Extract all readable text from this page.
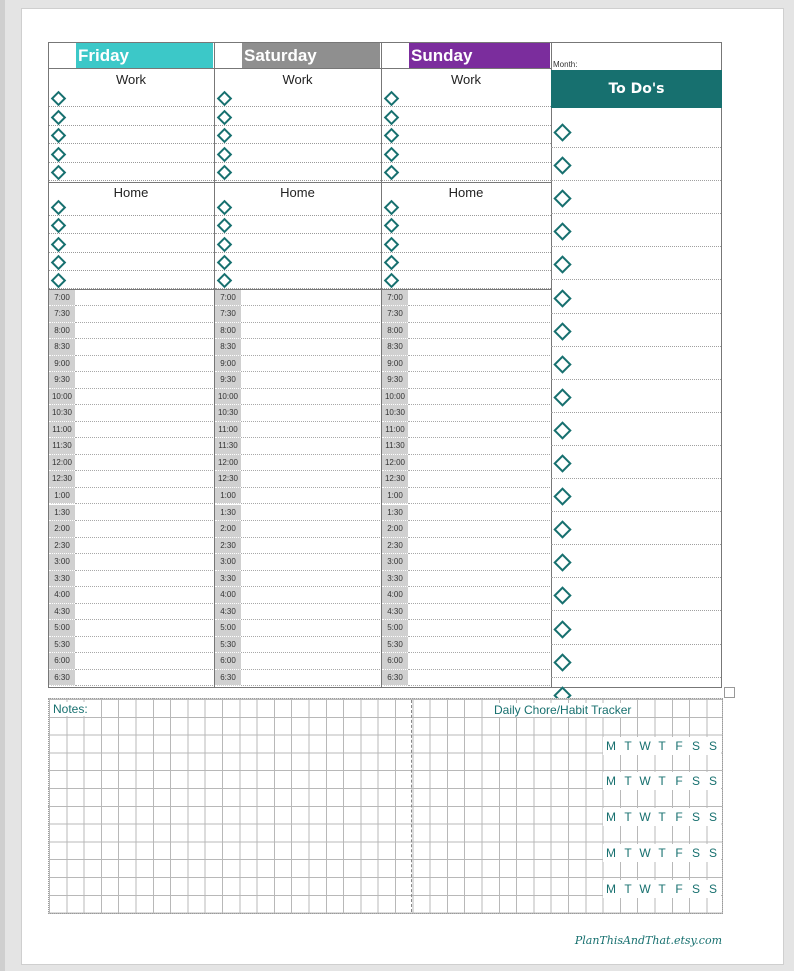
Friday
Work
Home
7:00
7:30
8:00
8:30
9:00
9:30
10:00
10:30
11:00
11:30
12:00
12:30
1:00
1:30
2:00
2:30
3:00
3:30
4:00
4:30
5:00
5:30
6:00
6:30
Saturday
Work
Home
7:00
7:30
8:00
8:30
9:00
9:30
10:00
10:30
11:00
11:30
12:00
12:30
1:00
1:30
2:00
2:30
3:00
3:30
4:00
4:30
5:00
5:30
6:00
6:30
Sunday
Work
Home
7:00
7:30
8:00
8:30
9:00
9:30
10:00
10:30
11:00
11:30
12:00
12:30
1:00
1:30
2:00
2:30
3:00
3:30
4:00
4:30
5:00
5:30
6:00
6:30
Month:
To Do's
Notes:	Daily Chore/Habit Tracker
M T W T F S S
M T W T F S S
M T W T F S S
M T W T F S S
M T W T F S S
PlanThisAndThat.etsy.com
